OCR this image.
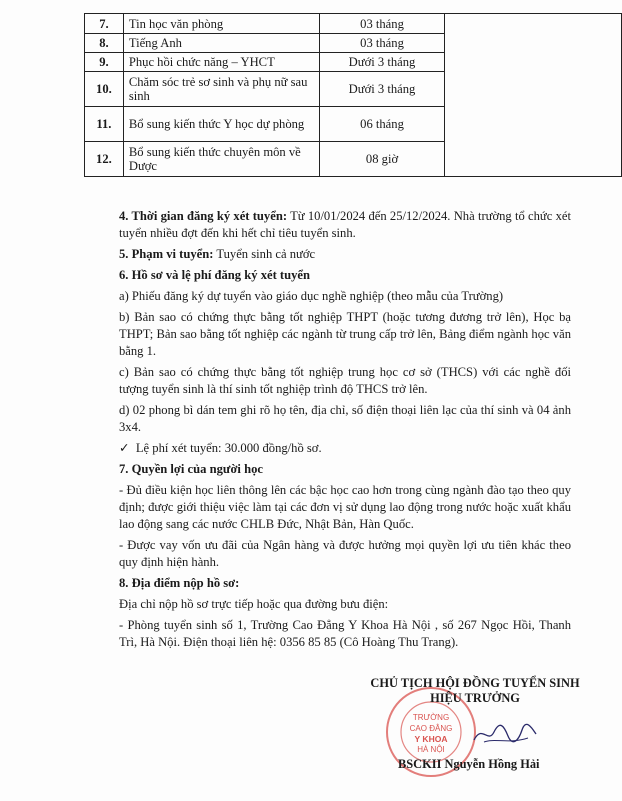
7.	Tin học văn phòng	03 tháng	
8.	Tiếng Anh	03 tháng	
9.	Phục hồi chức năng – YHCT	Dưới 3 tháng	
10.	Chăm sóc trẻ sơ sinh và phụ nữ sau sinh	Dưới 3 tháng	
11.	Bổ sung kiến thức Y học dự phòng	06 tháng	
12.	Bổ sung kiến thức chuyên môn về Dược	08 giờ	

4. Thời gian đăng ký xét tuyển: Từ 10/01/2024 đến 25/12/2024. Nhà trường tổ chức xét tuyển nhiều đợt đến khi hết chỉ tiêu tuyển sinh.

5. Phạm vi tuyển: Tuyển sinh cả nước

6. Hồ sơ và lệ phí đăng ký xét tuyển

a) Phiếu đăng ký dự tuyển vào giáo dục nghề nghiệp (theo mẫu của Trường)

b) Bản sao có chứng thực bằng tốt nghiệp THPT (hoặc tương đương trở lên), Học bạ THPT; Bản sao bằng tốt nghiệp các ngành từ trung cấp trở lên, Bảng điểm ngành học văn bằng 1.

c) Bản sao có chứng thực bằng tốt nghiệp trung học cơ sở (THCS) với các nghề đối tượng tuyển sinh là thí sinh tốt nghiệp trình độ THCS trở lên.

d) 02 phong bì dán tem ghi rõ họ tên, địa chỉ, số điện thoại liên lạc của thí sinh và 04 ảnh 3x4.

✓ Lệ phí xét tuyển: 30.000 đồng/hồ sơ.

7. Quyền lợi của người học

- Đủ điều kiện học liên thông lên các bậc học cao hơn trong cùng ngành đào tạo theo quy định; được giới thiệu việc làm tại các đơn vị sử dụng lao động trong nước hoặc xuất khẩu lao động sang các nước CHLB Đức, Nhật Bản, Hàn Quốc.

- Được vay vốn ưu đãi của Ngân hàng và được hưởng mọi quyền lợi ưu tiên khác theo quy định hiện hành.

8. Địa điểm nộp hồ sơ:

Địa chỉ nộp hồ sơ trực tiếp hoặc qua đường bưu điện:

- Phòng tuyển sinh số 1, Trường Cao Đẳng Y Khoa Hà Nội , số 267 Ngọc Hồi, Thanh Trì, Hà Nội. Điện thoại liên hệ: 0356 85 85 (Cô Hoàng Thu Trang).

TRƯỜNG
CAO ĐẲNG
Y KHOA
HÀ NỘI
CHỦ TỊCH HỘI ĐỒNG TUYỂN SINH
HIỆU TRƯỞNG
BSCKII Nguyễn Hồng Hải
